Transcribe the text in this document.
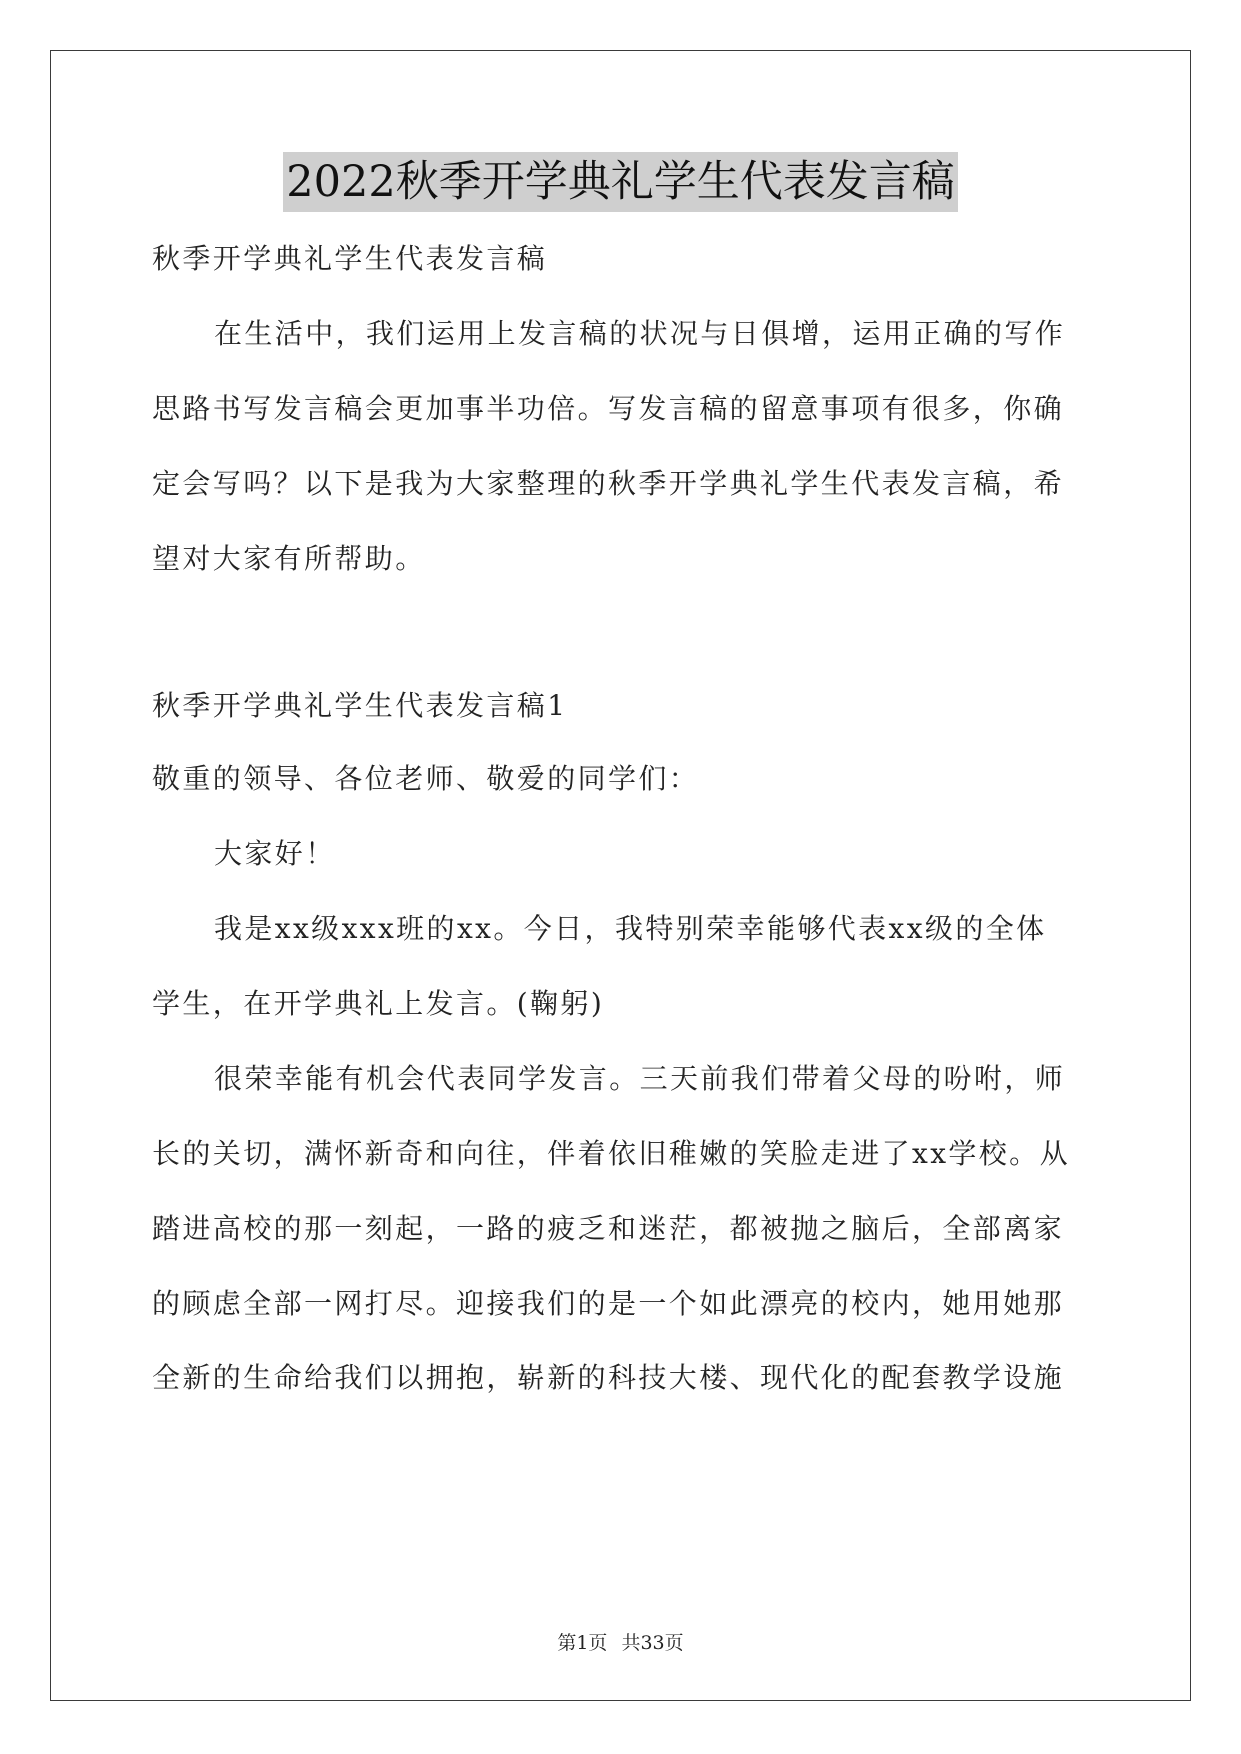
2022秋季开学典礼学生代表发言稿
秋季开学典礼学生代表发言稿
在生活中，我们运用上发言稿的状况与日俱增，运用正确的写作
思路书写发言稿会更加事半功倍。写发言稿的留意事项有很多，你确
定会写吗？以下是我为大家整理的秋季开学典礼学生代表发言稿，希
望对大家有所帮助。
秋季开学典礼学生代表发言稿1
敬重的领导、各位老师、敬爱的同学们：
大家好！
我是xx级xxx班的xx。今日，我特别荣幸能够代表xx级的全体
学生，在开学典礼上发言。(鞠躬)
很荣幸能有机会代表同学发言。三天前我们带着父母的吩咐，师
长的关切，满怀新奇和向往，伴着依旧稚嫩的笑脸走进了xx学校。从
踏进高校的那一刻起，一路的疲乏和迷茫，都被抛之脑后，全部离家
的顾虑全部一网打尽。迎接我们的是一个如此漂亮的校内，她用她那
全新的生命给我们以拥抱，崭新的科技大楼、现代化的配套教学设施
第1页 共33页
